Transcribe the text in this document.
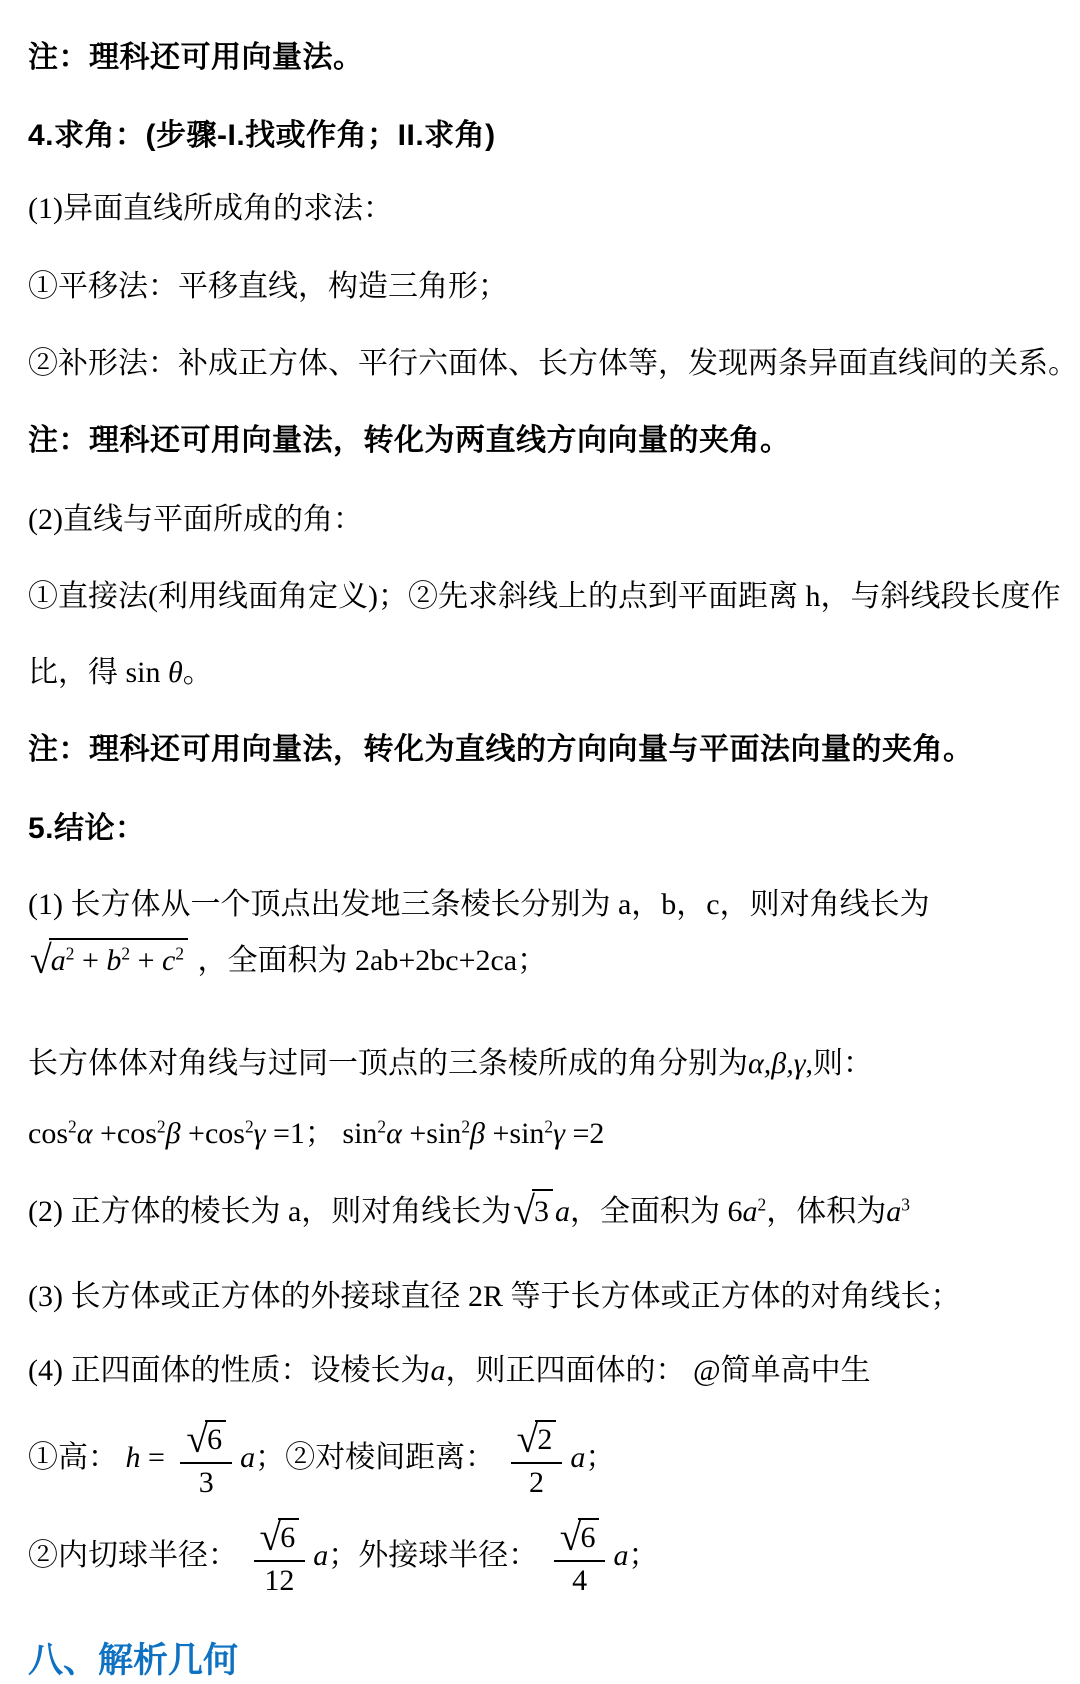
注：理科还可用向量法。

4.求角：(步骤-I.找或作角；II.求角)

(1)异面直线所成角的求法：

①平移法：平移直线，构造三角形；

②补形法：补成正方体、平行六面体、长方体等，发现两条异面直线间的关系。

注：理科还可用向量法，转化为两直线方向向量的夹角。

(2)直线与平面所成的角：

①直接法(利用线面角定义)；②先求斜线上的点到平面距离 h，与斜线段长度作

比，得 sin θ。

注：理科还可用向量法，转化为直线的方向向量与平面法向量的夹角。

5.结论：

(1) 长方体从一个顶点出发地三条棱长分别为 a，b，c，则对角线长为

$√a^2 + b^2 + c^2$ ，全面积为 2ab+2bc+2ca；

长方体体对角线与过同一顶点的三条棱所成的角分别为α,β,γ,则：

$\cos^2\alpha +\cos^2\beta +\cos^2\gamma =1$； $\sin^2\alpha +\sin^2\beta +\sin^2\gamma =2$

(2) 正方体的棱长为 a，则对角线长为√3 a，全面积为 $6a^2$，体积为$a^3$

(3) 长方体或正方体的外接球直径 2R 等于长方体或正方体的对角线长；

(4) 正四面体的性质：设棱长为a，则正四面体的： @简单高中生

①高： $h = \frac{√6}{3}$ a；②对棱间距离： $\frac{√2}{2}$ a；

②内切球半径： $\frac{√6}{12}$ a；外接球半径： $\frac{√6}{4}$ a；

八、解析几何
